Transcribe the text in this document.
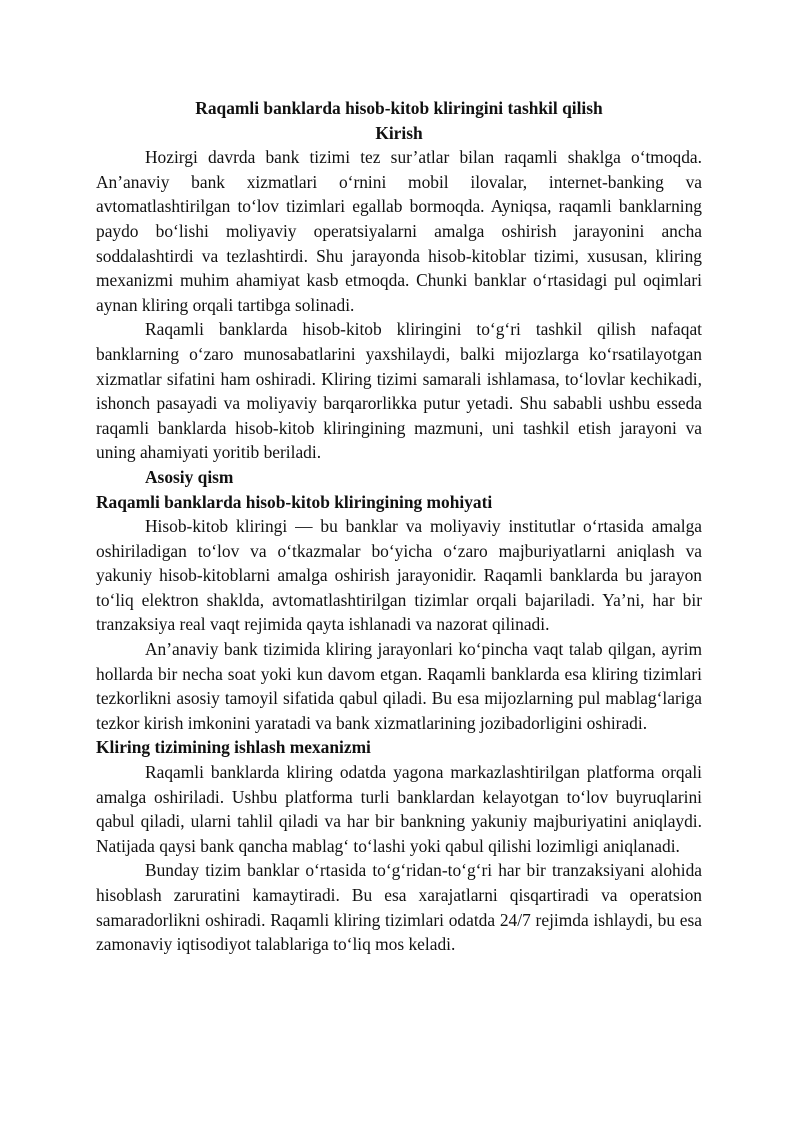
Raqamli banklarda hisob-kitob kliringini tashkil qilish
Kirish

Hozirgi davrda bank tizimi tez sur’atlar bilan raqamli shaklga o‘tmoqda. An’anaviy bank xizmatlari o‘rnini mobil ilovalar, internet-banking va avtomatlashtirilgan to‘lov tizimlari egallab bormoqda. Ayniqsa, raqamli banklarning paydo bo‘lishi moliyaviy operatsiyalarni amalga oshirish jarayonini ancha soddalashtirdi va tezlashtirdi. Shu jarayonda hisob-kitoblar tizimi, xususan, kliring mexanizmi muhim ahamiyat kasb etmoqda. Chunki banklar o‘rtasidagi pul oqimlari aynan kliring orqali tartibga solinadi.

Raqamli banklarda hisob-kitob kliringini to‘g‘ri tashkil qilish nafaqat banklarning o‘zaro munosabatlarini yaxshilaydi, balki mijozlarga ko‘rsatilayotgan xizmatlar sifatini ham oshiradi. Kliring tizimi samarali ishlamasa, to‘lovlar kechikadi, ishonch pasayadi va moliyaviy barqarorlikka putur yetadi. Shu sababli ushbu esseda raqamli banklarda hisob-kitob kliringining mazmuni, uni tashkil etish jarayoni va uning ahamiyati yoritib beriladi.

Asosiy qism
Raqamli banklarda hisob-kitob kliringining mohiyati

Hisob-kitob kliringi — bu banklar va moliyaviy institutlar o‘rtasida amalga oshiriladigan to‘lov va o‘tkazmalar bo‘yicha o‘zaro majburiyatlarni aniqlash va yakuniy hisob-kitoblarni amalga oshirish jarayonidir. Raqamli banklarda bu jarayon to‘liq elektron shaklda, avtomatlashtirilgan tizimlar orqali bajariladi. Ya’ni, har bir tranzaksiya real vaqt rejimida qayta ishlanadi va nazorat qilinadi.

An’anaviy bank tizimida kliring jarayonlari ko‘pincha vaqt talab qilgan, ayrim hollarda bir necha soat yoki kun davom etgan. Raqamli banklarda esa kliring tizimlari tezkorlikni asosiy tamoyil sifatida qabul qiladi. Bu esa mijozlarning pul mablag‘lariga tezkor kirish imkonini yaratadi va bank xizmatlarining jozibadorligini oshiradi.

Kliring tizimining ishlash mexanizmi

Raqamli banklarda kliring odatda yagona markazlashtirilgan platforma orqali amalga oshiriladi. Ushbu platforma turli banklardan kelayotgan to‘lov buyruqlarini qabul qiladi, ularni tahlil qiladi va har bir bankning yakuniy majburiyatini aniqlaydi. Natijada qaysi bank qancha mablag‘ to‘lashi yoki qabul qilishi lozimligi aniqlanadi.

Bunday tizim banklar o‘rtasida to‘g‘ridan-to‘g‘ri har bir tranzaksiyani alohida hisoblash zaruratini kamaytiradi. Bu esa xarajatlarni qisqartiradi va operatsion samaradorlikni oshiradi. Raqamli kliring tizimlari odatda 24/7 rejimda ishlaydi, bu esa zamonaviy iqtisodiyot talablariga to‘liq mos keladi.
